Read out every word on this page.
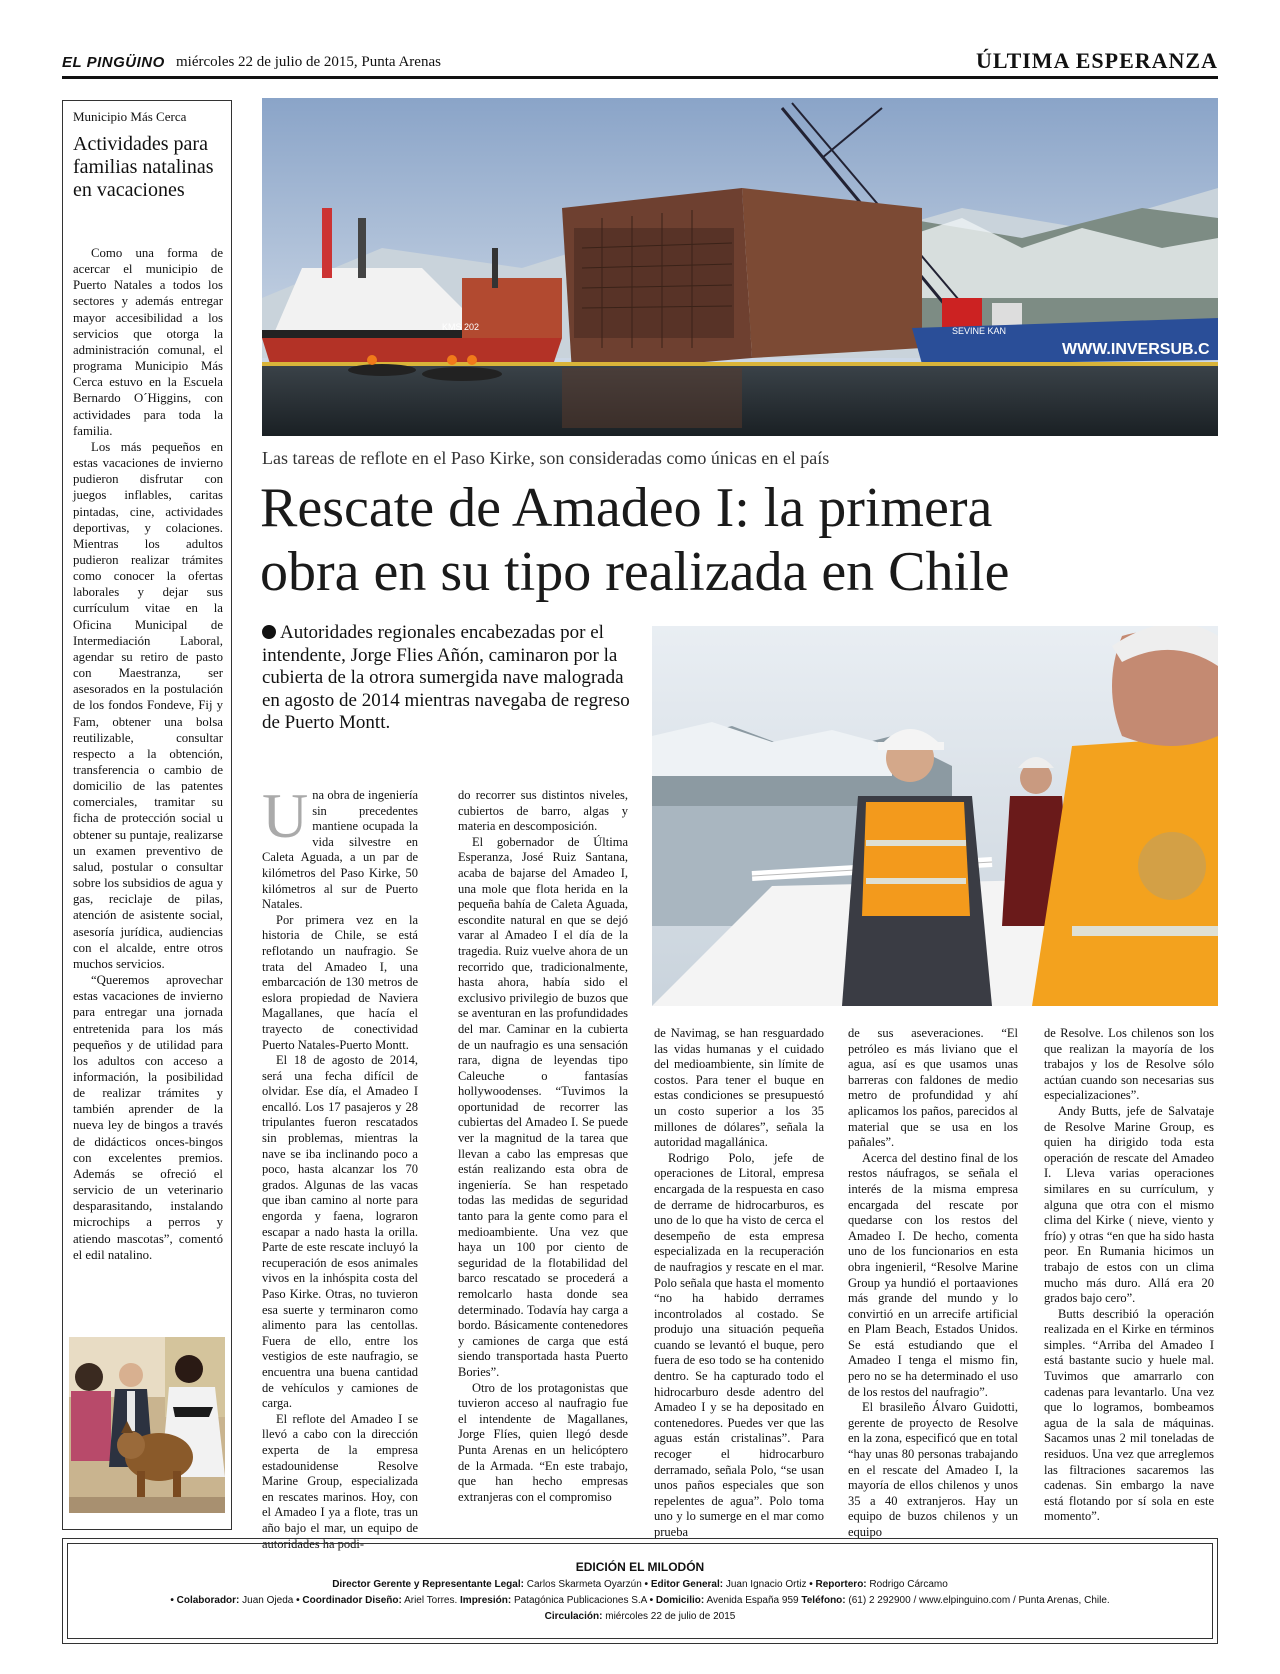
EL PINGÜINO miércoles 22 de julio de 2015, Punta Arenas	ÚLTIMA ESPERANZA
Municipio Más Cerca
Actividades para familias natalinas en vacaciones

Como una forma de acercar el municipio de Puerto Natales a todos los sectores y además entregar mayor accesibilidad a los servicios que otorga la administración comunal, el programa Municipio Más Cerca estuvo en la Escuela Bernardo O´Higgins, con actividades para toda la familia.

Los más pequeños en estas vacaciones de invierno pudieron disfrutar con juegos inflables, caritas pintadas, cine, actividades deportivas, y colaciones. Mientras los adultos pudieron realizar trámites como conocer la ofertas laborales y dejar sus currículum vitae en la Oficina Municipal de Intermediación Laboral, agendar su retiro de pasto con Maestranza, ser asesorados en la postulación de los fondos Fondeve, Fij y Fam, obtener una bolsa reutilizable, consultar respecto a la obtención, transferencia o cambio de domicilio de las patentes comerciales, tramitar su ficha de protección social u obtener su puntaje, realizarse un examen preventivo de salud, postular o consultar sobre los subsidios de agua y gas, reciclaje de pilas, atención de asistente social, asesoría jurídica, audiencias con el alcalde, entre otros muchos servicios.

“Queremos aprovechar estas vacaciones de invierno para entregar una jornada entretenida para los más pequeños y de utilidad para los adultos con acceso a información, la posibilidad de realizar trámites y también aprender de la nueva ley de bingos a través de didácticos onces-bingos con excelentes premios. Además se ofreció el servicio de un veterinario desparasitando, instalando microchips a perros y atiendo mascotas”, comentó el edil natalino.

WWW.INVERSUB.C
SEVINE KAN
KMS 202
Las tareas de reflote en el Paso Kirke, son consideradas como únicas en el país
Rescate de Amadeo I: la primera
obra en su tipo realizada en Chile
Autoridades regionales encabezadas por el intendente, Jorge Flies Añón, caminaron por la cubierta de la otrora sumergida nave malograda en agosto de 2014 mientras navegaba de regreso de Puerto Montt.
U na obra de ingeniería sin precedentes mantiene ocupada la vida silvestre en Caleta Aguada, a un par de kilómetros del Paso Kirke, 50 kilómetros al sur de Puerto Natales.

Por primera vez en la historia de Chile, se está reflotando un naufragio. Se trata del Amadeo I, una embarcación de 130 metros de eslora propiedad de Naviera Magallanes, que hacía el trayecto de conectividad Puerto Natales-Puerto Montt.

El 18 de agosto de 2014, será una fecha difícil de olvidar. Ese día, el Amadeo I encalló. Los 17 pasajeros y 28 tripulantes fueron rescatados sin problemas, mientras la nave se iba inclinando poco a poco, hasta alcanzar los 70 grados. Algunas de las vacas que iban camino al norte para engorda y faena, lograron escapar a nado hasta la orilla. Parte de este rescate incluyó la recuperación de esos animales vivos en la inhóspita costa del Paso Kirke. Otras, no tuvieron esa suerte y terminaron como alimento para las centollas. Fuera de ello, entre los vestigios de este naufragio, se encuentra una buena cantidad de vehículos y camiones de carga.

El reflote del Amadeo I se llevó a cabo con la dirección experta de la empresa estadounidense Resolve Marine Group, especializada en rescates marinos. Hoy, con el Amadeo I ya a flote, tras un año bajo el mar, un equipo de autoridades ha podi-

do recorrer sus distintos niveles, cubiertos de barro, algas y materia en descomposición.

El gobernador de Última Esperanza, José Ruiz Santana, acaba de bajarse del Amadeo I, una mole que flota herida en la pequeña bahía de Caleta Aguada, escondite natural en que se dejó varar al Amadeo I el día de la tragedia. Ruiz vuelve ahora de un recorrido que, tradicionalmente, hasta ahora, había sido el exclusivo privilegio de buzos que se aventuran en las profundidades del mar. Caminar en la cubierta de un naufragio es una sensación rara, digna de leyendas tipo Caleuche o fantasías hollywoodenses. “Tuvimos la oportunidad de recorrer las cubiertas del Amadeo I. Se puede ver la magnitud de la tarea que llevan a cabo las empresas que están realizando esta obra de ingeniería. Se han respetado todas las medidas de seguridad tanto para la gente como para el medioambiente. Una vez que haya un 100 por ciento de seguridad de la flotabilidad del barco rescatado se procederá a remolcarlo hasta donde sea determinado. Todavía hay carga a bordo. Básicamente contenedores y camiones de carga que está siendo transportada hasta Puerto Bories”.

Otro de los protagonistas que tuvieron acceso al naufragio fue el intendente de Magallanes, Jorge Flíes, quien llegó desde Punta Arenas en un helicóptero de la Armada. “En este trabajo, que han hecho empresas extranjeras con el compromiso

de Navimag, se han resguardado las vidas humanas y el cuidado del medioambiente, sin límite de costos. Para tener el buque en estas condiciones se presupuestó un costo superior a los 35 millones de dólares”, señala la autoridad magallánica.

Rodrigo Polo, jefe de operaciones de Litoral, empresa encargada de la respuesta en caso de derrame de hidrocarburos, es uno de lo que ha visto de cerca el desempeño de esta empresa especializada en la recuperación de naufragios y rescate en el mar. Polo señala que hasta el momento “no ha habido derrames incontrolados al costado. Se produjo una situación pequeña cuando se levantó el buque, pero fuera de eso todo se ha contenido dentro. Se ha capturado todo el hidrocarburo desde adentro del Amadeo I y se ha depositado en contenedores. Puedes ver que las aguas están cristalinas”. Para recoger el hidrocarburo derramado, señala Polo, “se usan unos paños especiales que son repelentes de agua”. Polo toma uno y lo sumerge en el mar como prueba

de sus aseveraciones. “El petróleo es más liviano que el agua, así es que usamos unas barreras con faldones de medio metro de profundidad y ahí aplicamos los paños, parecidos al material que se usa en los pañales”.

Acerca del destino final de los restos náufragos, se señala el interés de la misma empresa encargada del rescate por quedarse con los restos del Amadeo I. De hecho, comenta uno de los funcionarios en esta obra ingenieril, “Resolve Marine Group ya hundió el portaaviones más grande del mundo y lo convirtió en un arrecife artificial en Plam Beach, Estados Unidos. Se está estudiando que el Amadeo I tenga el mismo fin, pero no se ha determinado el uso de los restos del naufragio”.

El brasileño Álvaro Guidotti, gerente de proyecto de Resolve en la zona, especificó que en total “hay unas 80 personas trabajando en el rescate del Amadeo I, la mayoría de ellos chilenos y unos 35 a 40 extranjeros. Hay un equipo de buzos chilenos y un equipo

de Resolve. Los chilenos son los que realizan la mayoría de los trabajos y los de Resolve sólo actúan cuando son necesarias sus especializaciones”.

Andy Butts, jefe de Salvataje de Resolve Marine Group, es quien ha dirigido toda esta operación de rescate del Amadeo I. Lleva varias operaciones similares en su currículum, y alguna que otra con el mismo clima del Kirke ( nieve, viento y frío) y otras “en que ha sido hasta peor. En Rumania hicimos un trabajo de estos con un clima mucho más duro. Allá era 20 grados bajo cero”.

Butts describió la operación realizada en el Kirke en términos simples. “Arriba del Amadeo I está bastante sucio y huele mal. Tuvimos que amarrarlo con cadenas para levantarlo. Una vez que lo logramos, bombeamos agua de la sala de máquinas. Sacamos unas 2 mil toneladas de residuos. Una vez que arreglemos las filtraciones sacaremos las cadenas. Sin embargo la nave está flotando por sí sola en este momento”.

EDICIÓN EL MILODÓN
Director Gerente y Representante Legal: Carlos Skarmeta Oyarzún • Editor General: Juan Ignacio Ortiz • Reportero: Rodrigo Cárcamo
• Colaborador: Juan Ojeda • Coordinador Diseño: Ariel Torres. Impresión: Patagónica Publicaciones S.A • Domicilio: Avenida España 959 Teléfono: (61) 2 292900 / www.elpinguino.com / Punta Arenas, Chile.
Circulación: miércoles 22 de julio de 2015
